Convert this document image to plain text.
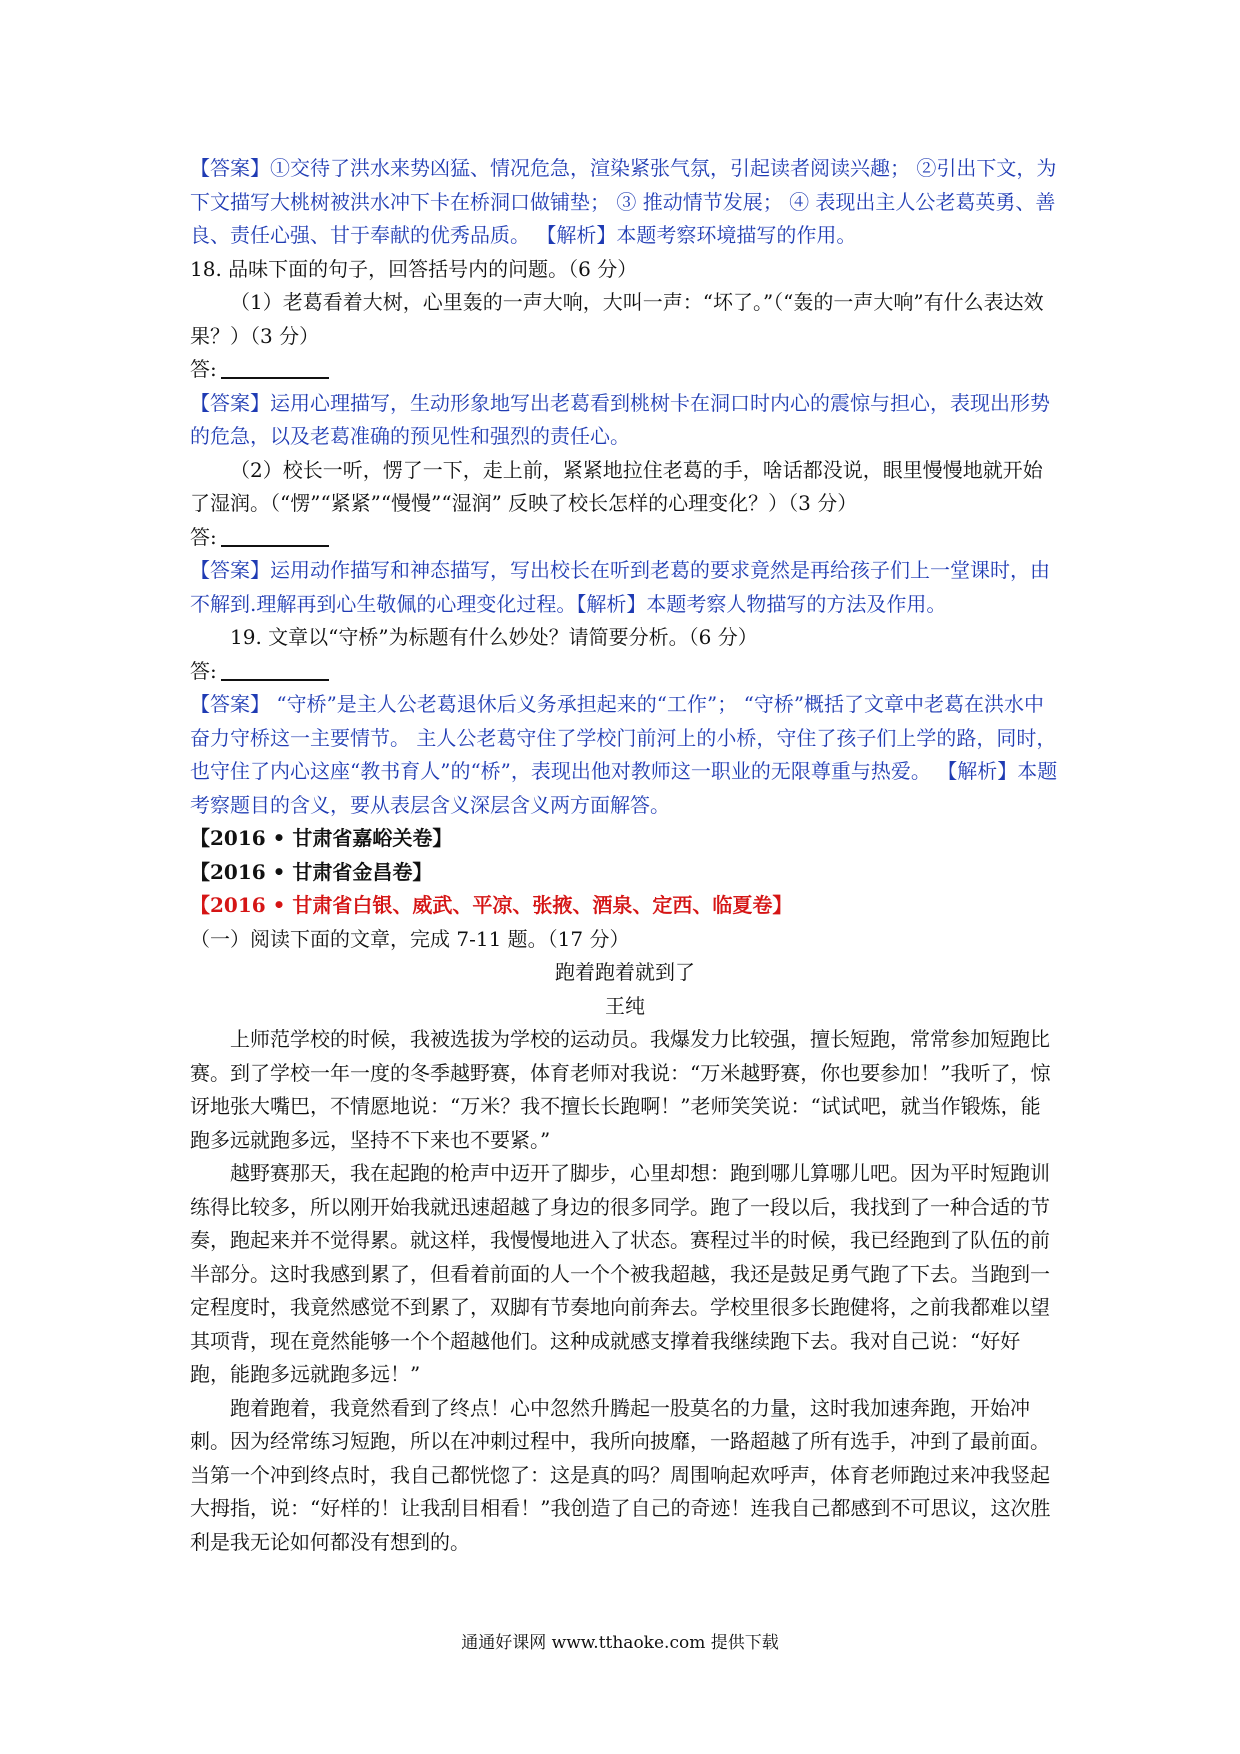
【答案】①交待了洪水来势凶猛、情况危急，渲染紧张气氛，引起读者阅读兴趣； ②引出下文，为下文描写大桃树被洪水冲下卡在桥洞口做铺垫； ③ 推动情节发展； ④ 表现出主人公老葛英勇、善良、责任心强、甘于奉献的优秀品质。 【解析】本题考察环境描写的作用。

18. 品味下面的句子，回答括号内的问题。（6 分）

（1）老葛看着大树，心里轰的一声大响，大叫一声：“坏了。”（“轰的一声大响”有什么表达效果？）（3 分）

答:

【答案】运用心理描写，生动形象地写出老葛看到桃树卡在洞口时内心的震惊与担心，表现出形势的危急，以及老葛准确的预见性和强烈的责任心。

（2）校长一听，愣了一下，走上前，紧紧地拉住老葛的手，啥话都没说，眼里慢慢地就开始了湿润。（“愣”“紧紧”“慢慢”“湿润” 反映了校长怎样的心理变化？）（3 分）

答:

【答案】运用动作描写和神态描写，写出校长在听到老葛的要求竟然是再给孩子们上一堂课时，由不解到.理解再到心生敬佩的心理变化过程。【解析】本题考察人物描写的方法及作用。

19. 文章以“守桥”为标题有什么妙处？请简要分析。（6 分）

答:

【答案】 “守桥”是主人公老葛退休后义务承担起来的“工作”； “守桥”概括了文章中老葛在洪水中奋力守桥这一主要情节。 主人公老葛守住了学校门前河上的小桥，守住了孩子们上学的路，同时， 也守住了内心这座“教书育人”的“桥”，表现出他对教师这一职业的无限尊重与热爱。 【解析】本题考察题目的含义，要从表层含义深层含义两方面解答。

【2016 • 甘肃省嘉峪关卷】

【2016 • 甘肃省金昌卷】

【2016 • 甘肃省白银、威武、平凉、张掖、酒泉、定西、临夏卷】

（一）阅读下面的文章，完成 7-11 题。（17 分）

跑着跑着就到了

王纯

上师范学校的时候，我被选拔为学校的运动员。我爆发力比较强，擅长短跑，常常参加短跑比赛。到了学校一年一度的冬季越野赛，体育老师对我说：“万米越野赛，你也要参加！”我听了，惊讶地张大嘴巴，不情愿地说：“万米？我不擅长长跑啊！”老师笑笑说：“试试吧，就当作锻炼，能跑多远就跑多远，坚持不下来也不要紧。”

越野赛那天，我在起跑的枪声中迈开了脚步，心里却想：跑到哪儿算哪儿吧。因为平时短跑训练得比较多，所以刚开始我就迅速超越了身边的很多同学。跑了一段以后，我找到了一种合适的节奏，跑起来并不觉得累。就这样，我慢慢地进入了状态。赛程过半的时候，我已经跑到了队伍的前半部分。这时我感到累了，但看着前面的人一个个被我超越，我还是鼓足勇气跑了下去。当跑到一定程度时，我竟然感觉不到累了，双脚有节奏地向前奔去。学校里很多长跑健将，之前我都难以望其项背，现在竟然能够一个个超越他们。这种成就感支撑着我继续跑下去。我对自己说：“好好跑，能跑多远就跑多远！”

跑着跑着，我竟然看到了终点！心中忽然升腾起一股莫名的力量，这时我加速奔跑，开始冲刺。因为经常练习短跑，所以在冲刺过程中，我所向披靡，一路超越了所有选手，冲到了最前面。当第一个冲到终点时，我自己都恍惚了：这是真的吗？周围响起欢呼声，体育老师跑过来冲我竖起大拇指，说：“好样的！让我刮目相看！”我创造了自己的奇迹！连我自己都感到不可思议，这次胜利是我无论如何都没有想到的。

通通好课网 www.tthaoke.com 提供下载
